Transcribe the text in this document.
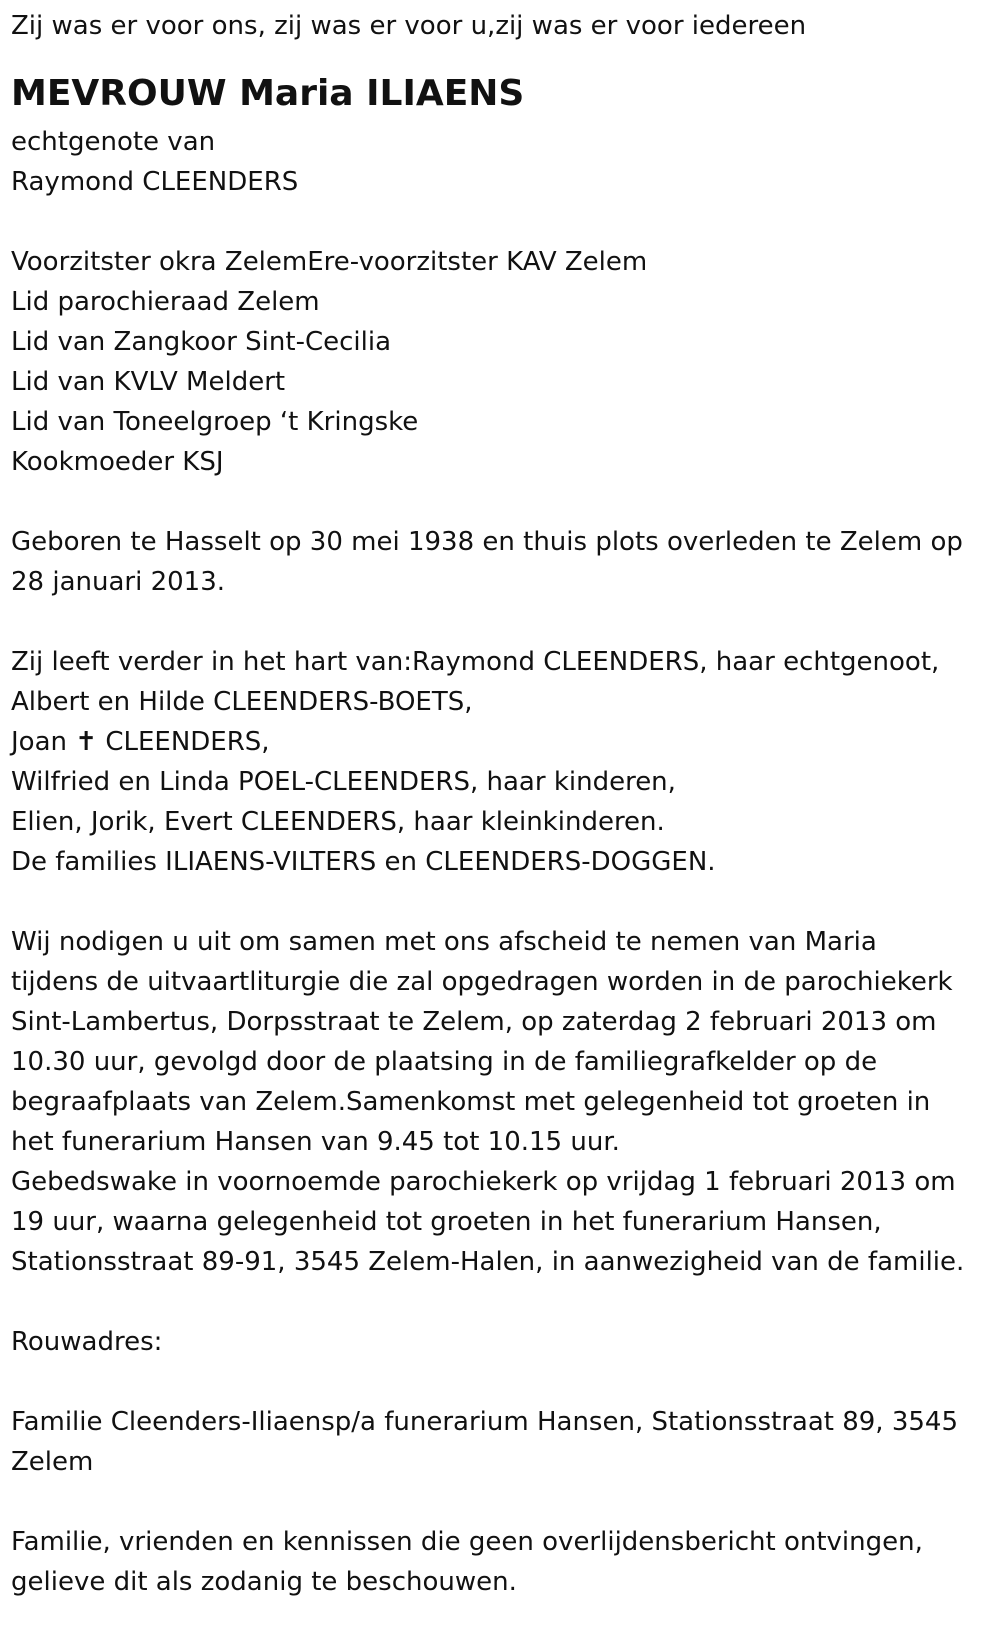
Zij was er voor ons, zij was er voor u,zij was er voor iedereen
MEVROUW Maria ILIAENS
echtgenote van
Raymond CLEENDERS
Voorzitster okra ZelemEre-voorzitster KAV Zelem
Lid parochieraad Zelem
Lid van Zangkoor Sint-Cecilia
Lid van KVLV Meldert
Lid van Toneelgroep ‘t Kringske
Kookmoeder KSJ
Geboren te Hasselt op 30 mei 1938 en thuis plots overleden te Zelem op
28 januari 2013.
Zij leeft verder in het hart van:Raymond CLEENDERS, haar echtgenoot,
Albert en Hilde CLEENDERS-BOETS,
Joan ✝ CLEENDERS,
Wilfried en Linda POEL-CLEENDERS, haar kinderen,
Elien, Jorik, Evert CLEENDERS, haar kleinkinderen.
De families ILIAENS-VILTERS en CLEENDERS-DOGGEN.
Wij nodigen u uit om samen met ons afscheid te nemen van Maria
tijdens de uitvaartliturgie die zal opgedragen worden in de parochiekerk
Sint-Lambertus, Dorpsstraat te Zelem, op zaterdag 2 februari 2013 om
10.30 uur, gevolgd door de plaatsing in de familiegrafkelder op de
begraafplaats van Zelem.Samenkomst met gelegenheid tot groeten in
het funerarium Hansen van 9.45 tot 10.15 uur.
Gebedswake in voornoemde parochiekerk op vrijdag 1 februari 2013 om
19 uur, waarna gelegenheid tot groeten in het funerarium Hansen,
Stationsstraat 89-91, 3545 Zelem-Halen, in aanwezigheid van de familie.
Rouwadres:
Familie Cleenders-Iliaensp/a funerarium Hansen, Stationsstraat 89, 3545
Zelem
Familie, vrienden en kennissen die geen overlijdensbericht ontvingen,
gelieve dit als zodanig te beschouwen.
